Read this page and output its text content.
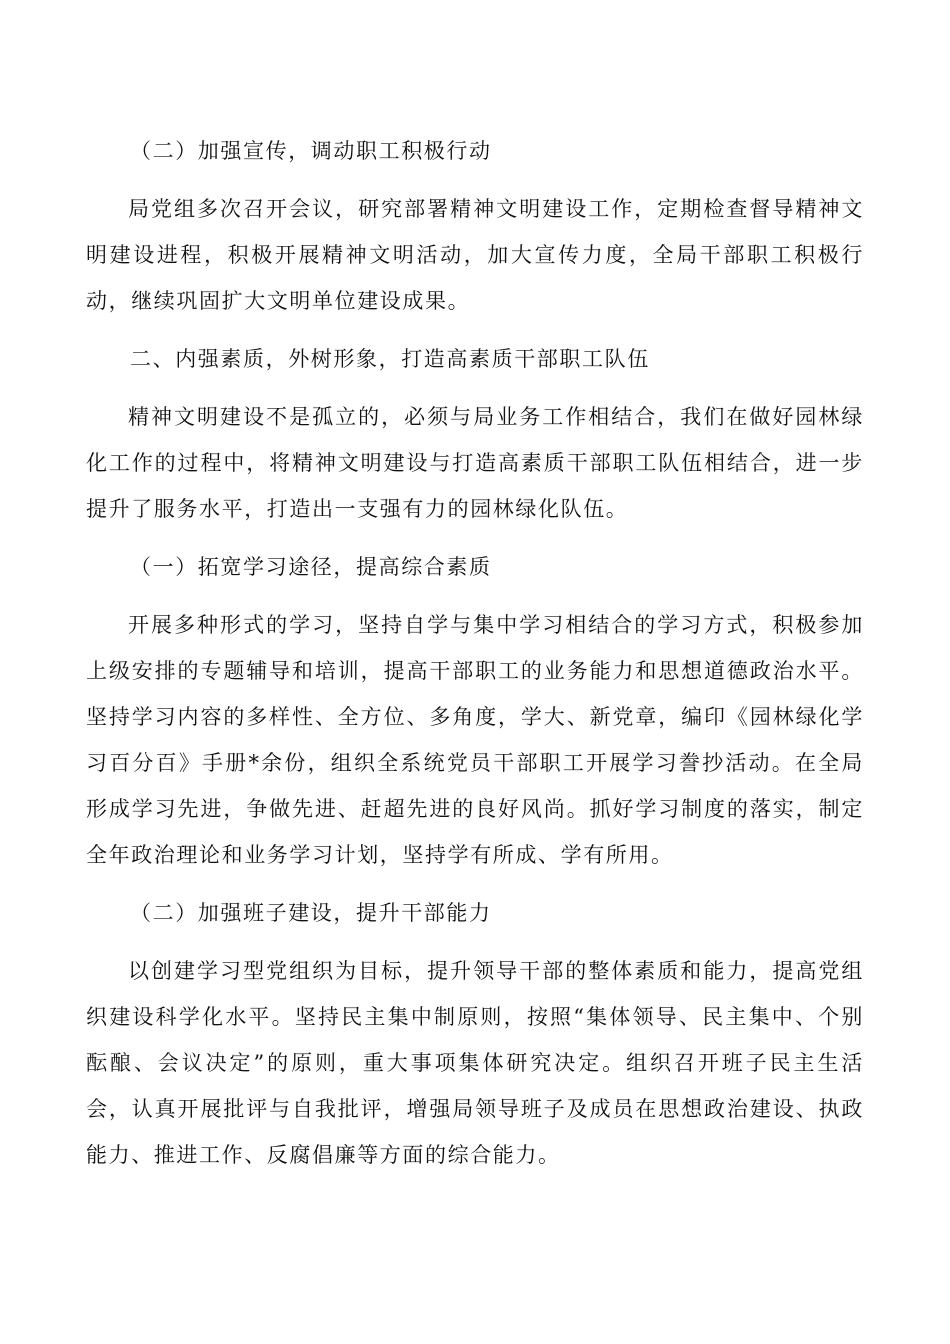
（二）加强宣传，调动职工积极行动

局党组多次召开会议，研究部署精神文明建设工作，定期检查督导精神文明建设进程，积极开展精神文明活动，加大宣传力度，全局干部职工积极行动，继续巩固扩大文明单位建设成果。

二、内强素质，外树形象，打造高素质干部职工队伍

精神文明建设不是孤立的，必须与局业务工作相结合，我们在做好园林绿化工作的过程中，将精神文明建设与打造高素质干部职工队伍相结合，进一步提升了服务水平，打造出一支强有力的园林绿化队伍。

（一）拓宽学习途径，提高综合素质

开展多种形式的学习，坚持自学与集中学习相结合的学习方式，积极参加上级安排的专题辅导和培训，提高干部职工的业务能力和思想道德政治水平。坚持学习内容的多样性、全方位、多角度，学大、新党章，编印《园林绿化学习百分百》手册*余份，组织全系统党员干部职工开展学习誊抄活动。在全局形成学习先进，争做先进、赶超先进的良好风尚。抓好学习制度的落实，制定全年政治理论和业务学习计划，坚持学有所成、学有所用。

（二）加强班子建设，提升干部能力

以创建学习型党组织为目标，提升领导干部的整体素质和能力，提高党组织建设科学化水平。坚持民主集中制原则，按照“集体领导、民主集中、个别酝酿、会议决定”的原则，重大事项集体研究决定。组织召开班子民主生活会，认真开展批评与自我批评，增强局领导班子及成员在思想政治建设、执政能力、推进工作、反腐倡廉等方面的综合能力。
